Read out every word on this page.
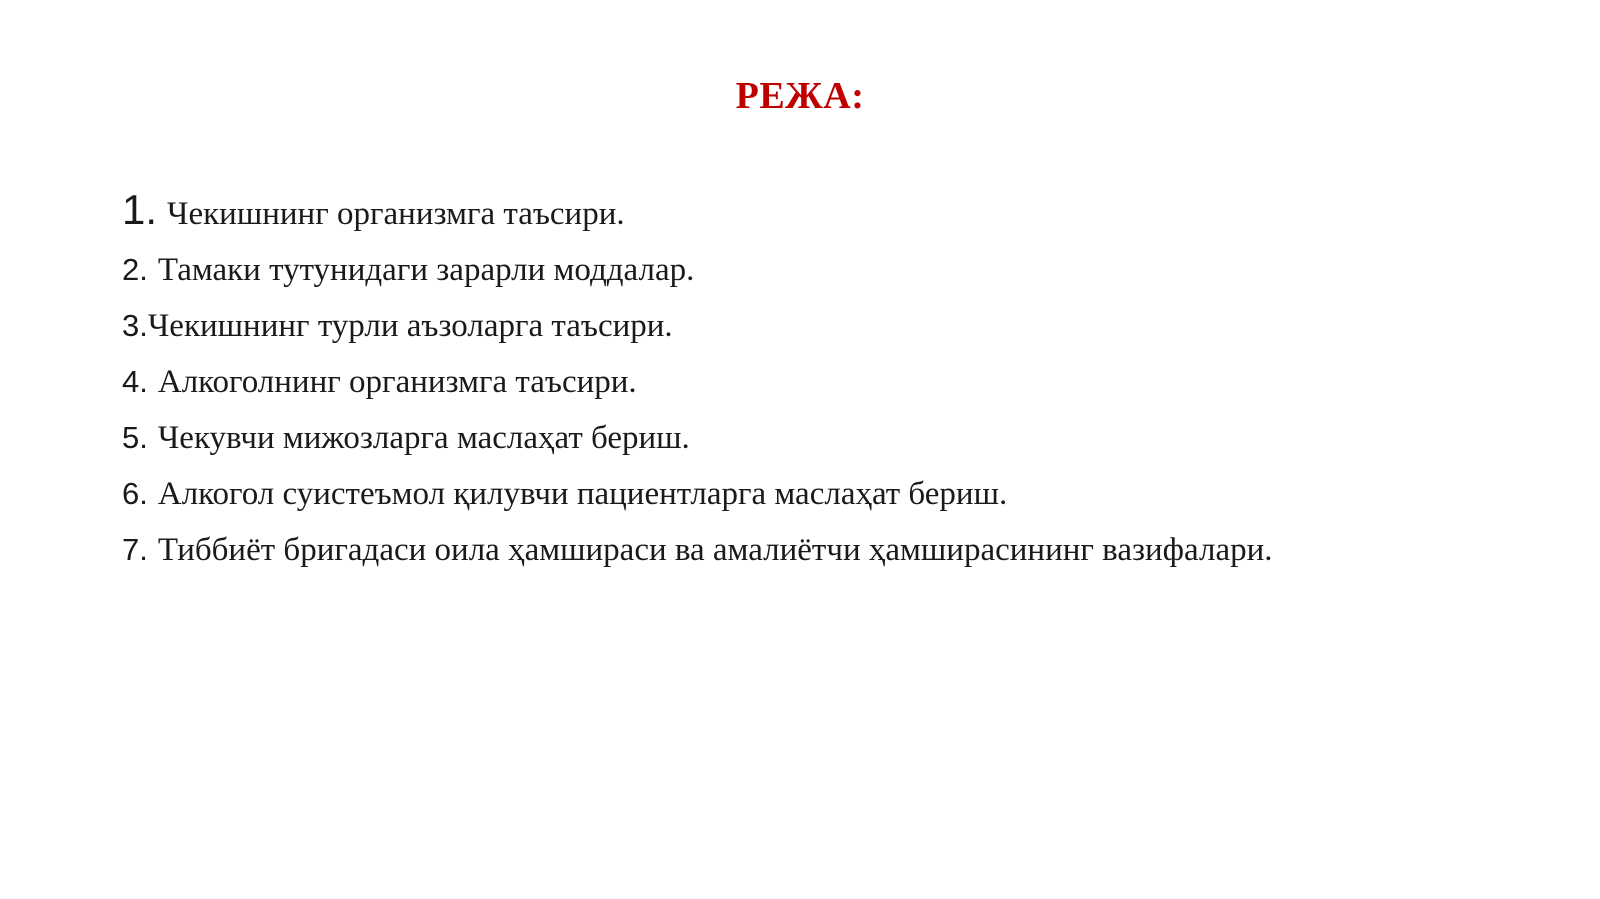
РЕЖА:
1. Чекишнинг организмга таъсири.
2. Тамаки тутунидаги зарарли моддалар.
3.Чекишнинг турли аъзоларга таъсири.
4. Алкоголнинг организмга таъсири.
5. Чекувчи мижозларга маслаҳат бериш.
6. Алкогол суистеъмол қилувчи пациентларга маслаҳат бериш.
7. Тиббиёт бригадаси оила ҳамшираси ва амалиётчи ҳамширасининг вазифалари.
